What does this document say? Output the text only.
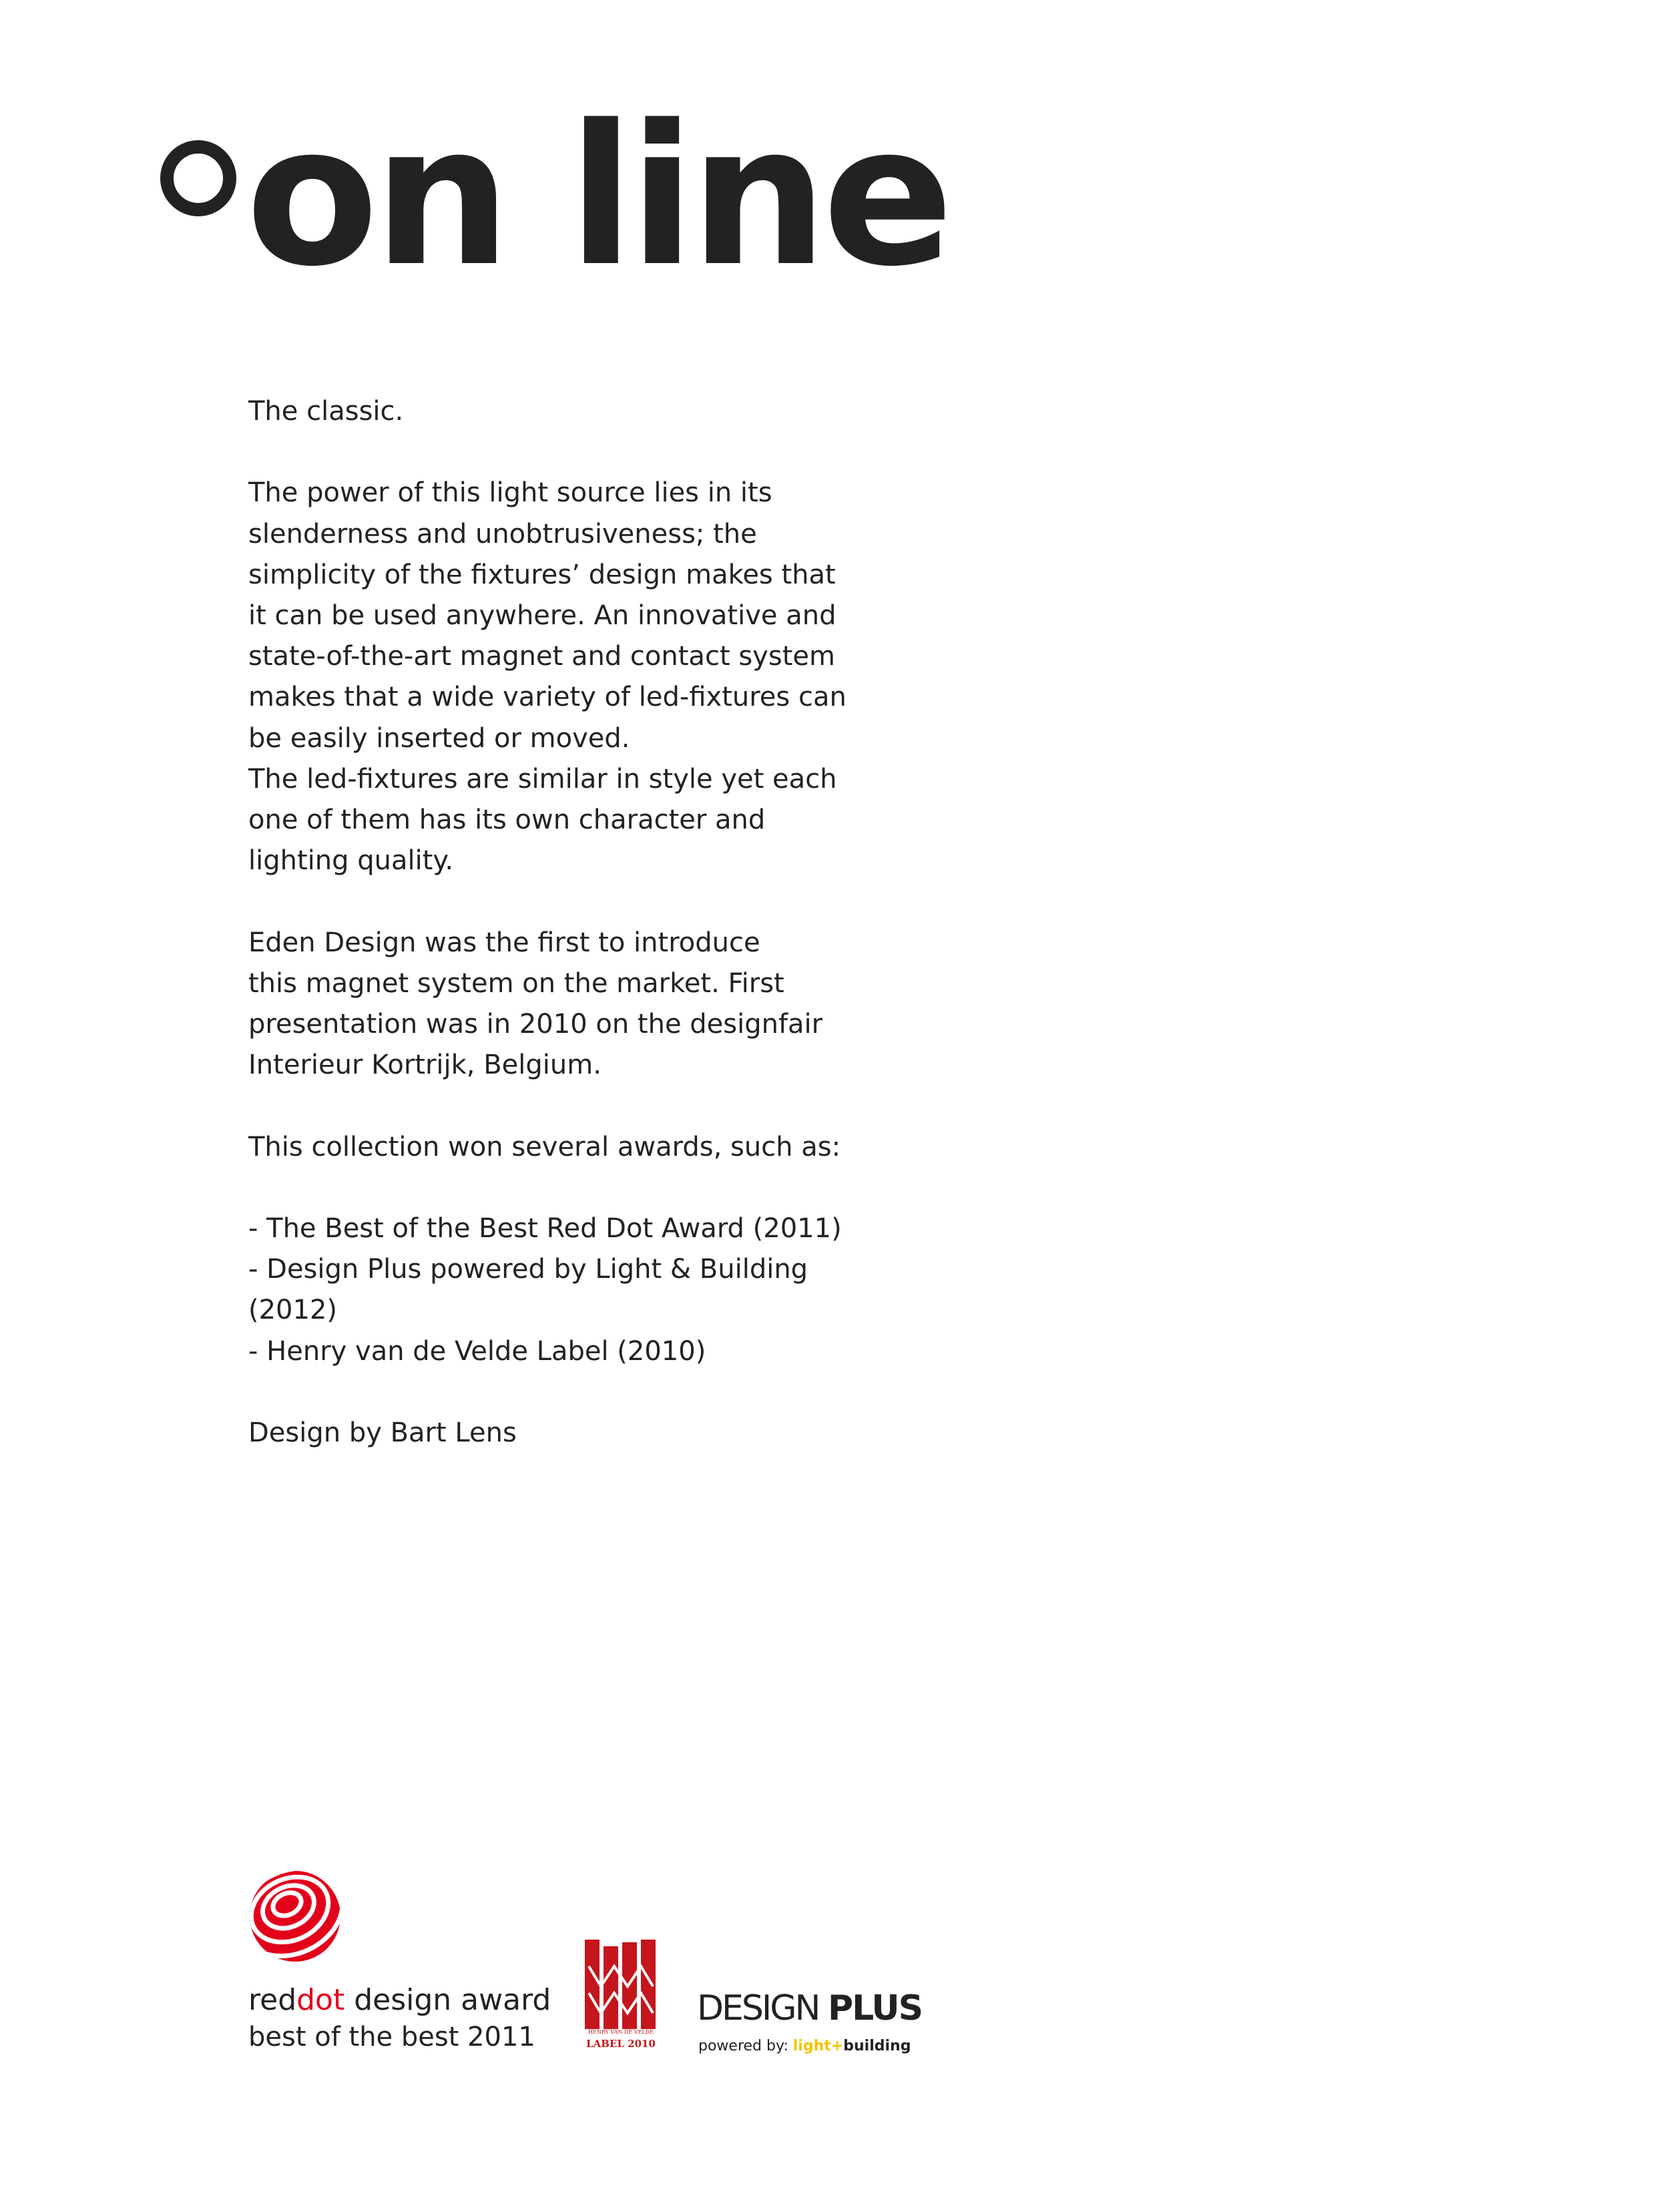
on line

The classic.

The power of this light source lies in its
slenderness and unobtrusiveness; the
simplicity of the fixtures’ design makes that
it can be used anywhere. An innovative and
state-of-the-art magnet and contact system
makes that a wide variety of led-fixtures can
be easily inserted or moved.
The led-fixtures are similar in style yet each
one of them has its own character and
lighting quality.

Eden Design was the first to introduce
this magnet system on the market. First
presentation was in 2010 on the designfair
Interieur Kortrijk, Belgium.

This collection won several awards, such as:

- The Best of the Best Red Dot Award (2011)
- Design Plus powered by Light & Building
(2012)
- Henry van de Velde Label (2010)

Design by Bart Lens

reddot design award
best of the best 2011	HENRY VAN DE VELDE
LABEL 2010
DESIGN PLUS
powered by: light+building
